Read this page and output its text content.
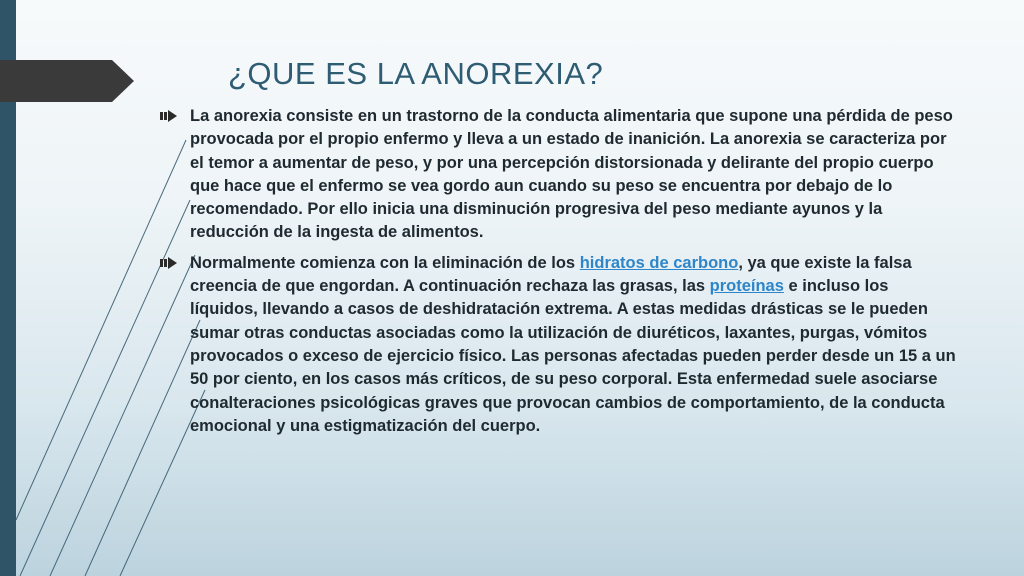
¿QUE ES LA ANOREXIA?
La anorexia consiste en un trastorno de la conducta alimentaria que supone una pérdida de peso provocada por el propio enfermo y lleva a un estado de inanición. La anorexia se caracteriza por el temor a aumentar de peso, y por una percepción distorsionada y delirante del propio cuerpo que hace que el enfermo se vea gordo aun cuando su peso se encuentra por debajo de lo recomendado. Por ello inicia una disminución progresiva del peso mediante ayunos y la reducción de la ingesta de alimentos.
Normalmente comienza con la eliminación de los hidratos de carbono, ya que existe la falsa creencia de que engordan. A continuación rechaza las grasas, las proteínas e incluso los líquidos, llevando a casos de deshidratación extrema. A estas medidas drásticas se le pueden sumar otras conductas asociadas como la utilización de diuréticos, laxantes, purgas, vómitos provocados o exceso de ejercicio físico. Las personas afectadas pueden perder desde un 15 a un 50 por ciento, en los casos más críticos, de su peso corporal. Esta enfermedad suele asociarse conalteraciones psicológicas graves que provocan cambios de comportamiento, de la conducta emocional y una estigmatización del cuerpo.
